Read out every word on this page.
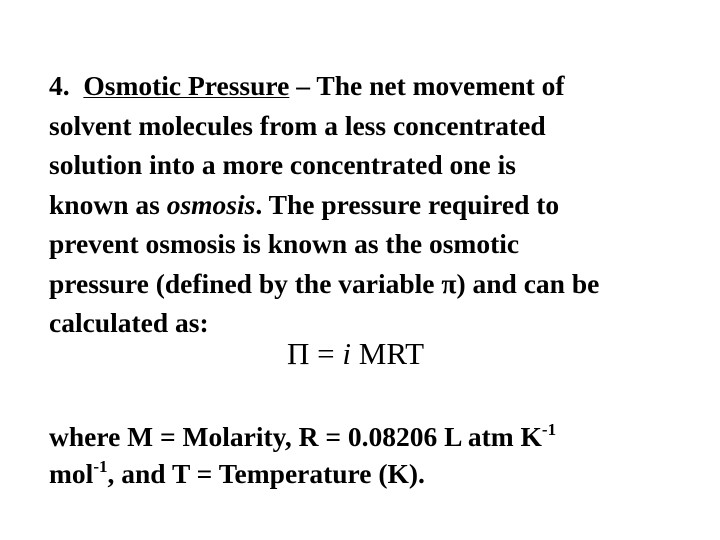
4. Osmotic Pressure – The net movement of
solvent molecules from a less concentrated
solution into a more concentrated one is
known as osmosis. The pressure required to
prevent osmosis is known as the osmotic
pressure (defined by the variable π) and can be
calculated as:
Π = i MRT
where M = Molarity, R = 0.08206 L atm $K^{-1}$
mol$^{-1}$, and T = Temperature (K).
